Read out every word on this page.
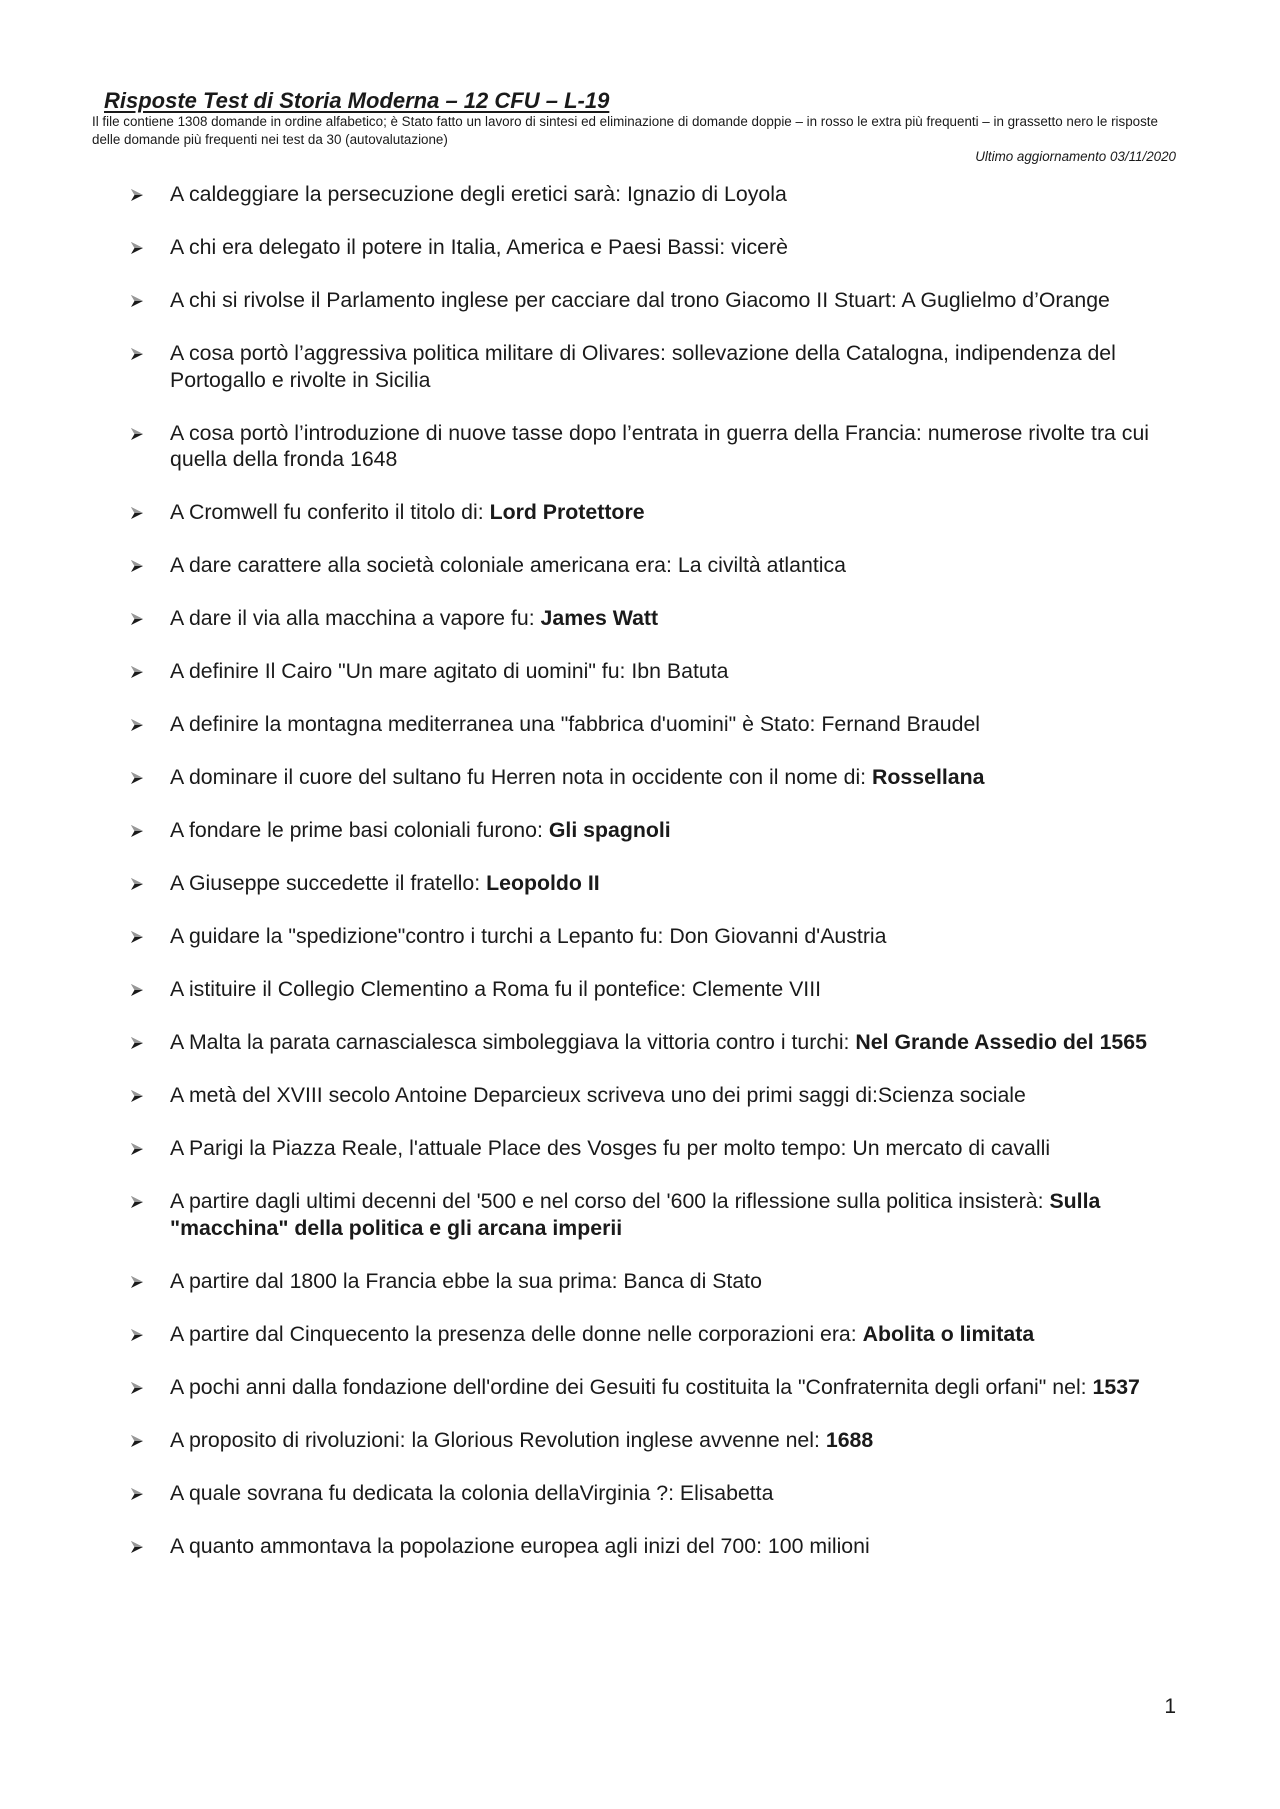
Risposte Test di Storia Moderna – 12 CFU – L-19
Il file contiene 1308 domande in ordine alfabetico; è Stato fatto un lavoro di sintesi ed eliminazione di domande doppie – in rosso le extra più frequenti – in grassetto nero le risposte delle domande più frequenti nei test da 30 (autovalutazione)
Ultimo aggiornamento 03/11/2020
A caldeggiare la persecuzione degli eretici sarà: Ignazio di Loyola
A chi era delegato il potere in Italia, America e Paesi Bassi: vicerè
A chi si rivolse il Parlamento inglese per cacciare dal trono Giacomo II Stuart: A Guglielmo d’Orange
A cosa portò l’aggressiva politica militare di Olivares: sollevazione della Catalogna, indipendenza del Portogallo e rivolte in Sicilia
A cosa portò l’introduzione di nuove tasse dopo l’entrata in guerra della Francia: numerose rivolte tra cui quella della fronda 1648
A Cromwell fu conferito il titolo di: Lord Protettore
A dare carattere alla società coloniale americana era: La civiltà atlantica
A dare il via alla macchina a vapore fu: James Watt
A definire Il Cairo "Un mare agitato di uomini" fu: Ibn Batuta
A definire la montagna mediterranea una "fabbrica d'uomini" è Stato: Fernand Braudel
A dominare il cuore del sultano fu Herren nota in occidente con il nome di: Rossellana
A fondare le prime basi coloniali furono: Gli spagnoli
A Giuseppe succedette il fratello: Leopoldo II
A guidare la "spedizione"contro i turchi a Lepanto fu: Don Giovanni d'Austria
A istituire il Collegio Clementino a Roma fu il pontefice: Clemente VIII
A Malta la parata carnascialesca simboleggiava la vittoria contro i turchi: Nel Grande Assedio del 1565
A metà del XVIII secolo Antoine Deparcieux scriveva uno dei primi saggi di:Scienza sociale
A Parigi la Piazza Reale, l'attuale Place des Vosges fu per molto tempo: Un mercato di cavalli
A partire dagli ultimi decenni del '500 e nel corso del '600 la riflessione sulla politica insisterà: Sulla "macchina" della politica e gli arcana imperii
A partire dal 1800 la Francia ebbe la sua prima: Banca di Stato
A partire dal Cinquecento la presenza delle donne nelle corporazioni era: Abolita o limitata
A pochi anni dalla fondazione dell'ordine dei Gesuiti fu costituita la "Confraternita degli orfani" nel: 1537
A proposito di rivoluzioni: la Glorious Revolution inglese avvenne nel: 1688
A quale sovrana fu dedicata la colonia dellaVirginia ?: Elisabetta
A quanto ammontava la popolazione europea agli inizi del 700: 100 milioni
1
